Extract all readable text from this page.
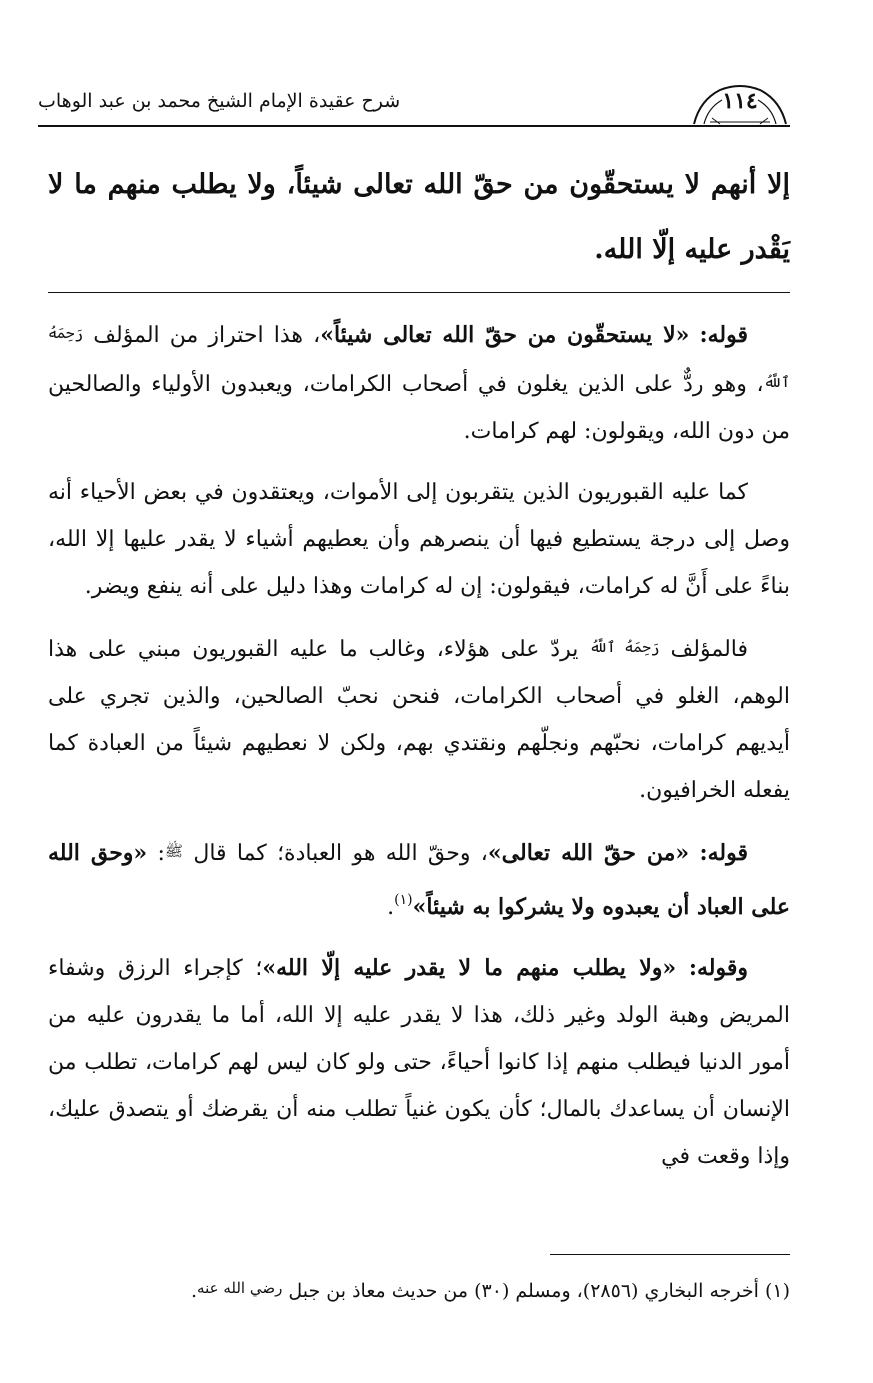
١١٤
شرح عقيدة الإمام الشيخ محمد بن عبد الوهاب
إلا أنهم لا يستحقّون من حقّ الله تعالى شيئاً، ولا يطلب منهم ما لا يَقْدر عليه إلّا الله.

قوله: «لا يستحقّون من حقّ الله تعالى شيئاً»، هذا احتراز من المؤلف رَحِمَهُ ٱللَّهُ، وهو ردٌّ على الذين يغلون في أصحاب الكرامات، ويعبدون الأولياء والصالحين من دون الله، ويقولون: لهم كرامات.

كما عليه القبوريون الذين يتقربون إلى الأموات، ويعتقدون في بعض الأحياء أنه وصل إلى درجة يستطيع فيها أن ينصرهم وأن يعطيهم أشياء لا يقدر عليها إلا الله، بناءً على أَنَّ له كرامات، فيقولون: إن له كرامات وهذا دليل على أنه ينفع ويضر.

فالمؤلف رَحِمَهُ ٱللَّهُ يردّ على هؤلاء، وغالب ما عليه القبوريون مبني على هذا الوهم، الغلو في أصحاب الكرامات، فنحن نحبّ الصالحين، والذين تجري على أيديهم كرامات، نحبّهم ونجلّهم ونقتدي بهم، ولكن لا نعطيهم شيئاً من العبادة كما يفعله الخرافيون.

قوله: «من حقّ الله تعالى»، وحقّ الله هو العبادة؛ كما قال ﷺ: «وحق الله على العباد أن يعبدوه ولا يشركوا به شيئاً»$^{(١)}$.

وقوله: «ولا يطلب منهم ما لا يقدر عليه إلّا الله»؛ كإجراء الرزق وشفاء المريض وهبة الولد وغير ذلك، هذا لا يقدر عليه إلا الله، أما ما يقدرون عليه من أمور الدنيا فيطلب منهم إذا كانوا أحياءً، حتى ولو كان ليس لهم كرامات، تطلب من الإنسان أن يساعدك بالمال؛ كأن يكون غنياً تطلب منه أن يقرضك أو يتصدق عليك، وإذا وقعت في

(١) أخرجه البخاري (٢٨٥٦)، ومسلم (٣٠) من حديث معاذ بن جبل $^{رضي الله عنه}$.
